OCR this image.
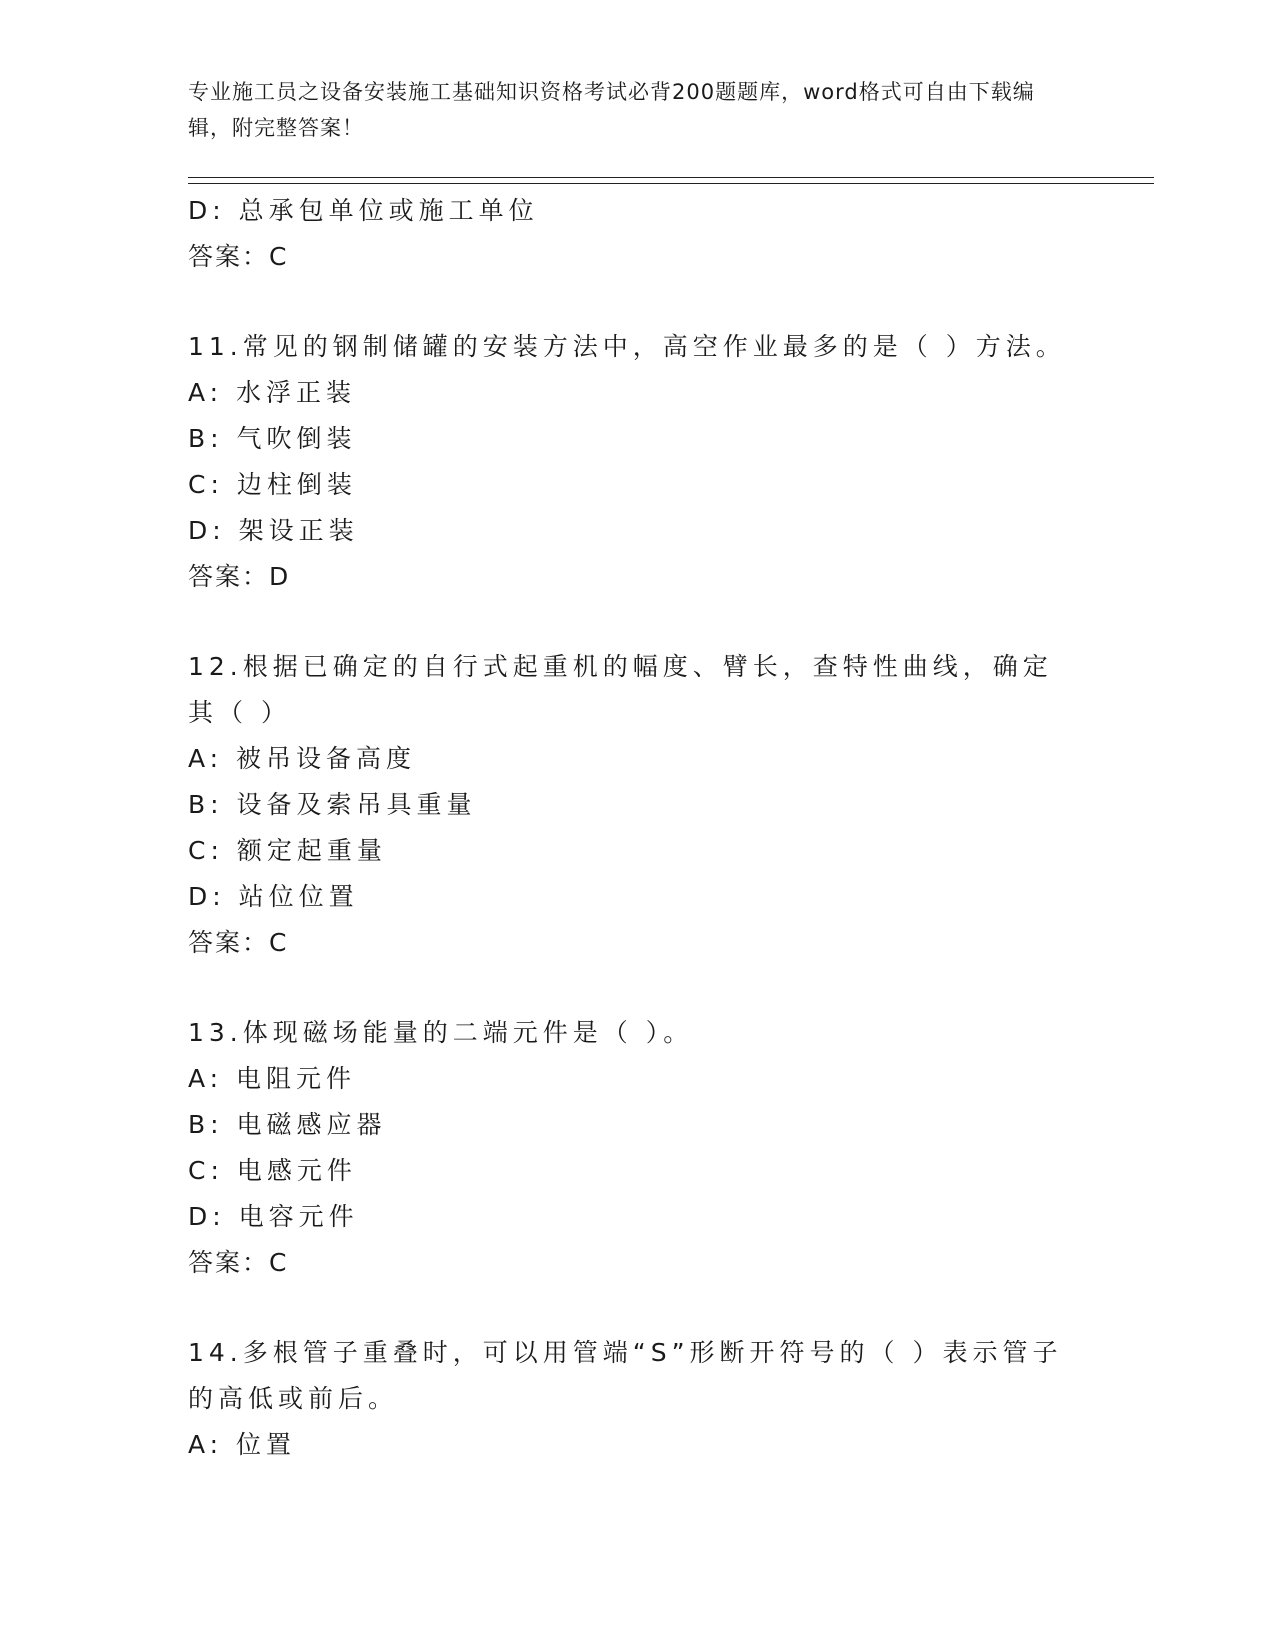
专业施工员之设备安装施工基础知识资格考试必背200题题库，word格式可自由下载编辑，附完整答案！
D: 总承包单位或施工单位
答案：C
11.常见的钢制储罐的安装方法中，高空作业最多的是（ ）方法。
A: 水浮正装
B: 气吹倒装
C: 边柱倒装
D: 架设正装
答案：D
12.根据已确定的自行式起重机的幅度、臂长，查特性曲线，确定其（ ）
A: 被吊设备高度
B: 设备及索吊具重量
C: 额定起重量
D: 站位位置
答案：C
13.体现磁场能量的二端元件是（ ）。
A: 电阻元件
B: 电磁感应器
C: 电感元件
D: 电容元件
答案：C
14.多根管子重叠时，可以用管端“S”形断开符号的（ ）表示管子的高低或前后。
A: 位置
